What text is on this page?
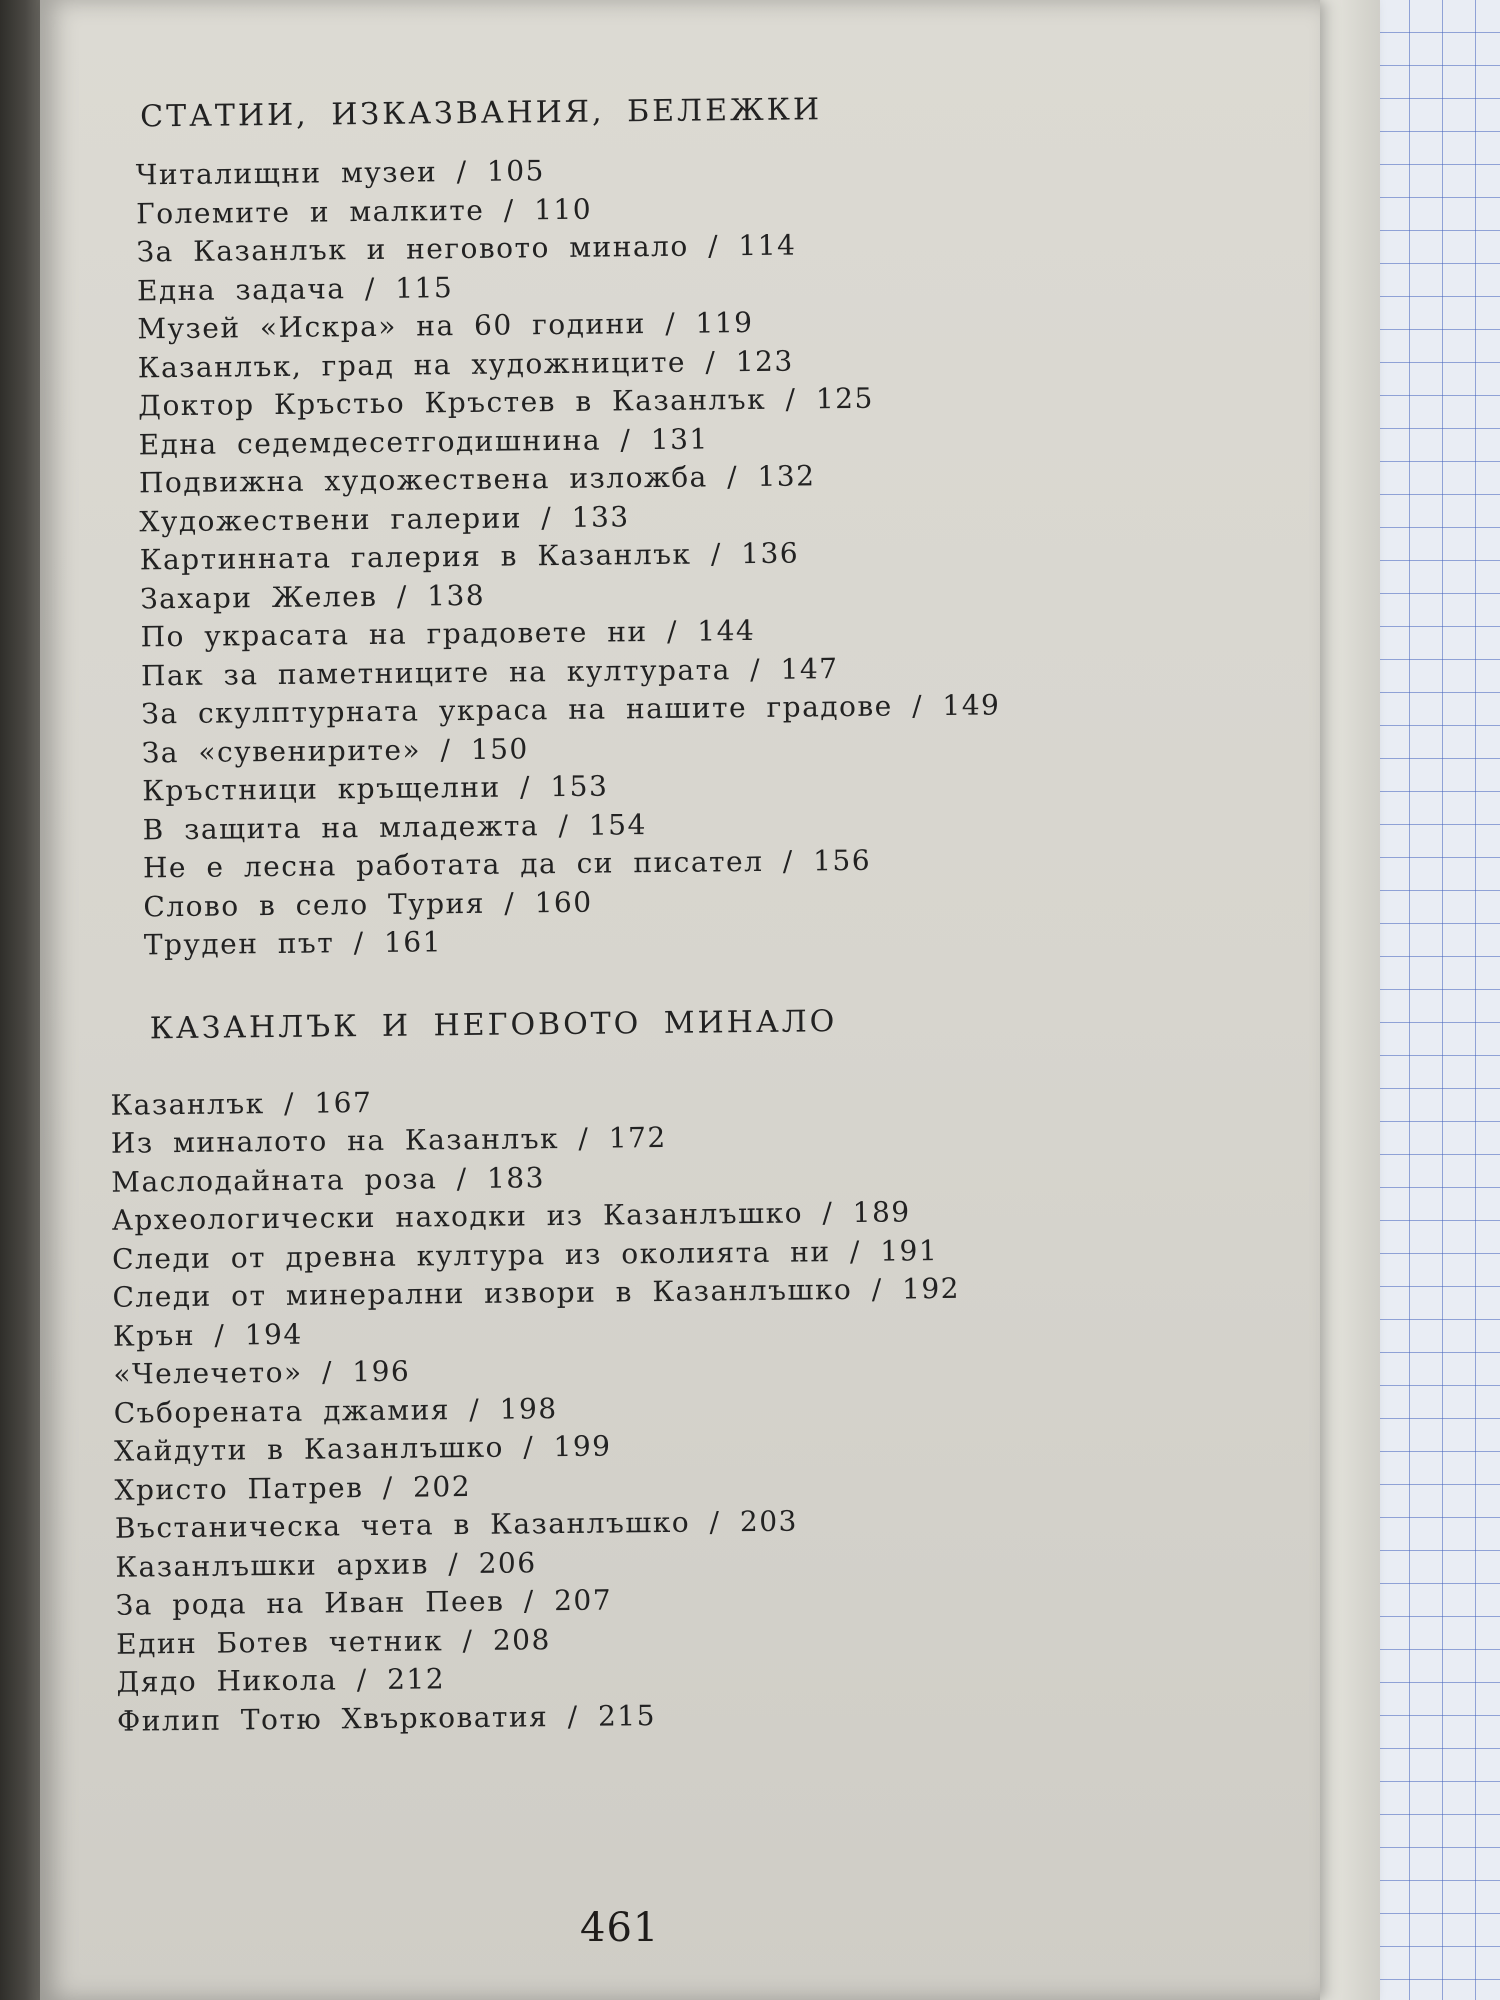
СТАТИИ, ИЗКАЗВАНИЯ, БЕЛЕЖКИ
Читалищни музеи / 105
Големите и малките / 110
За Казанлък и неговото минало / 114
Една задача / 115
Музей «Искра» на 60 години / 119
Казанлък, град на художниците / 123
Доктор Кръстьо Кръстев в Казанлък / 125
Една седемдесетгодишнина / 131
Подвижна художествена изложба / 132
Художествени галерии / 133
Картинната галерия в Казанлък / 136
Захари Желев / 138
По украсата на градовете ни / 144
Пак за паметниците на културата / 147
За скулптурната украса на нашите градове / 149
За «сувенирите» / 150
Кръстници кръщелни / 153
В защита на младежта / 154
Не е лесна работата да си писател / 156
Слово в село Турия / 160
Труден път / 161
КАЗАНЛЪК И НЕГОВОТО МИНАЛО
Казанлък / 167
Из миналото на Казанлък / 172
Маслодайната роза / 183
Археологически находки из Казанлъшко / 189
Следи от древна култура из околията ни / 191
Следи от минерални извори в Казанлъшко / 192
Крън / 194
«Челечето» / 196
Съборената джамия / 198
Хайдути в Казанлъшко / 199
Христо Патрев / 202
Въстаническа чета в Казанлъшко / 203
Казанлъшки архив / 206
За рода на Иван Пеев / 207
Един Ботев четник / 208
Дядо Никола / 212
Филип Тотю Хвъркoватия / 215
461
